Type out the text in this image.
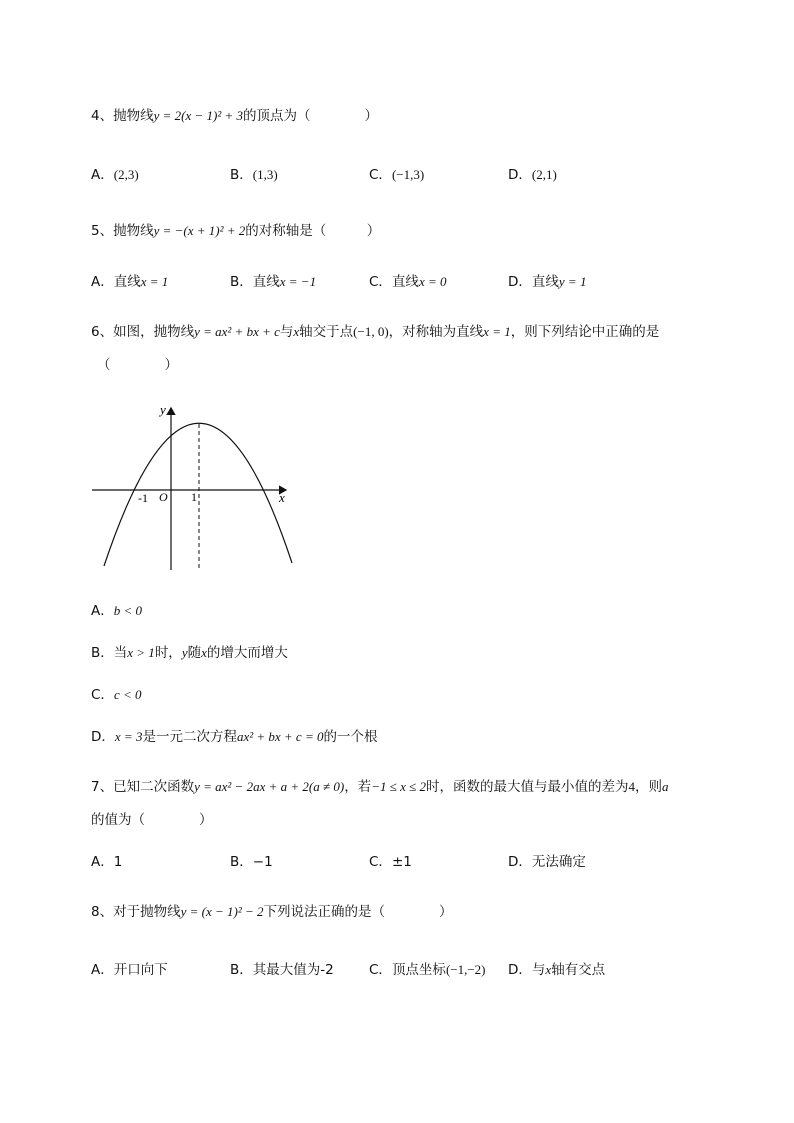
4、抛物线y = 2(x − 1)² + 3的顶点为（　　　　）
A．(2,3)	B．(1,3)	C．(−1,3)	D．(2,1)
5、抛物线y = −(x + 1)² + 2的对称轴是（　　　）
A．直线x = 1	B．直线x = −1	C．直线x = 0	D．直线y = 1
6、如图，抛物线y = ax² + bx + c与x轴交于点(−1, 0)，对称轴为直线x = 1，则下列结论中正确的是
（　　　　）
y
x
O
-1	1
A．b < 0
B．当x > 1时，y随x的增大而增大
C．c < 0
D．x = 3是一元二次方程ax² + bx + c = 0的一个根
7、已知二次函数y = ax² − 2ax + a + 2(a ≠ 0)，若−1 ≤ x ≤ 2时，函数的最大值与最小值的差为4，则a
的值为（　　　　）
A．1	B．−1	C．±1	D．无法确定
8、对于抛物线y = (x − 1)² − 2下列说法正确的是（　　　　）
A．开口向下	B．其最大值为-2	C．顶点坐标(−1,−2) D．与x轴有交点
